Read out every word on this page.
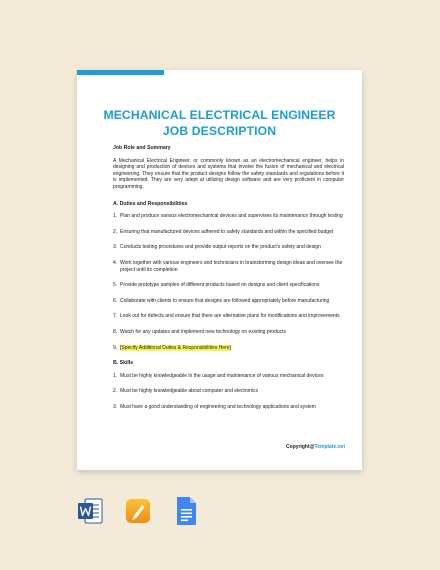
MECHANICAL ELECTRICAL ENGINEER
JOB DESCRIPTION
Job Role and Summary
A Mechanical Electrical Engineer, or commonly known as an electromechanical engineer, helps in designing and production of devices and systems that involve the fusion of mechanical and electrical engineering. They ensure that the product designs follow the safety standards and regulations before it is implemented. They are very adept at utilizing design software and are very proficient in computer programming.
A. Duties and Responsibilities
1. Plan and produce various electromechanical devices and supervises its maintenance through testing
2. Ensuring that manufactured devices adhered to safety standards and within the specified budget
3. Conducts testing procedures and provide output reports on the product’s safety and design
4. Work together with various engineers and technicians in brainstorming design ideas and oversee the project until its completion
5. Provide prototype samples of different products based on designs and client specifications
6. Collaborate with clients to ensure that designs are followed appropriately before manufacturing
7. Look out for defects and ensure that there are alternative plans for modifications and improvements
8. Watch for any updates and implement new technology on existing products
9. [Specify Additional Duties & Responsibilities Here]
B. Skills
1. Must be highly knowledgeable in the usage and maintenance of various mechanical devices
2. Must be highly knowledgeable about computer and electronics
3. Must have a good understanding of engineering and technology applications and system
Copyright@Template.net
